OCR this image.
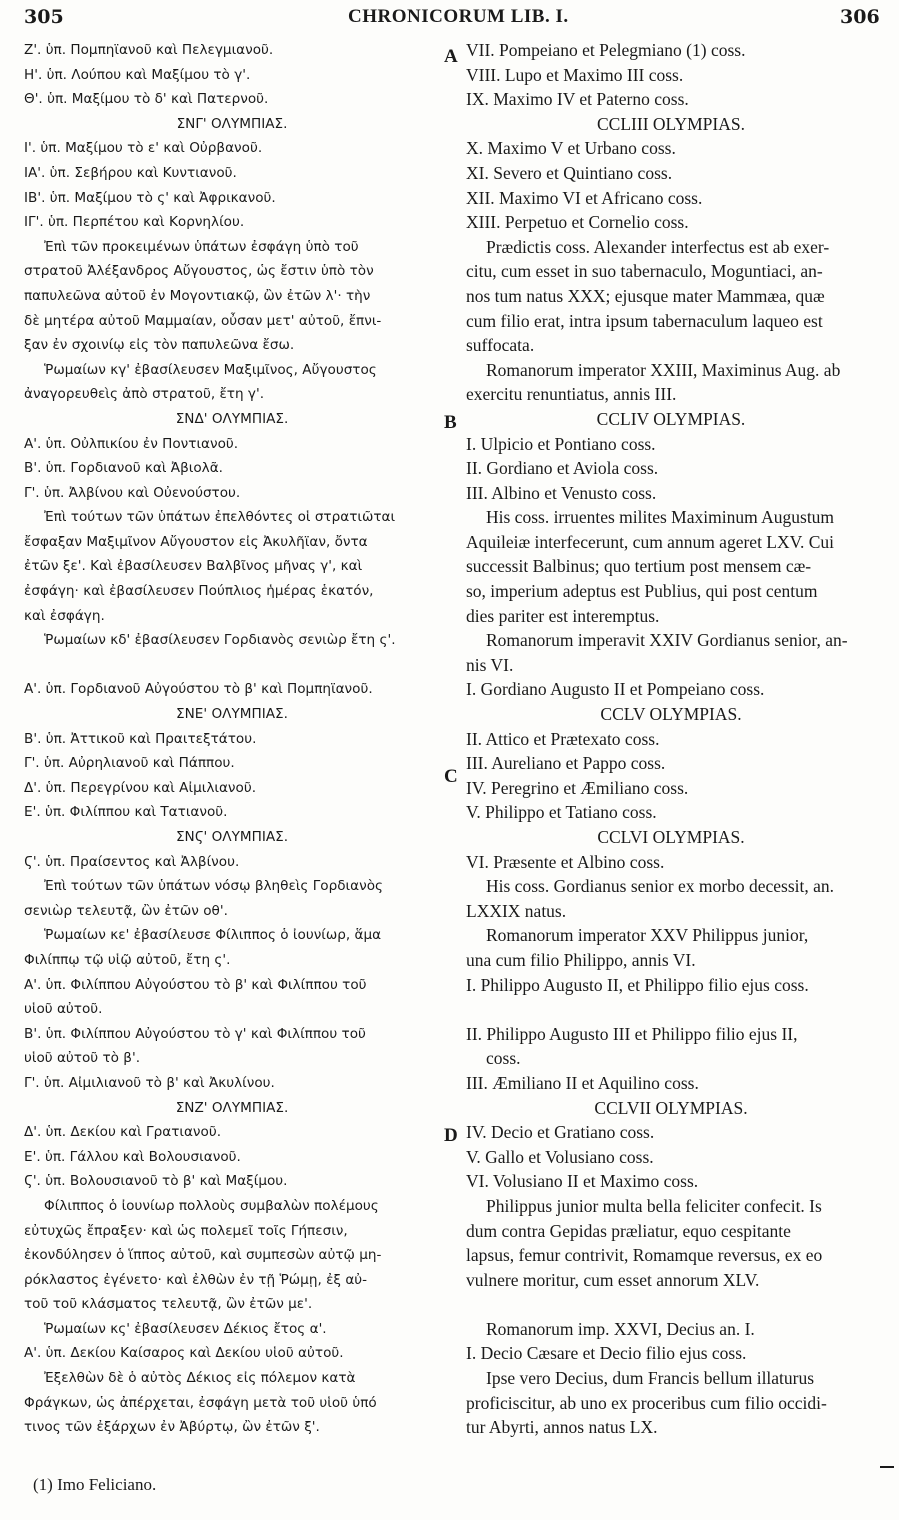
305	CHRONICORUM LIB. I.	306

Ζ'. ὑπ. Πομπηϊανοῦ καὶ Πελεγμιανοῦ.

Η'. ὑπ. Λούπου καὶ Μαξίμου τὸ γ'.

Θ'. ὑπ. Μαξίμου τὸ δ' καὶ Πατερνοῦ.

ΣΝΓ' ΟΛΥΜΠΙΑΣ.

Ι'. ὑπ. Μαξίμου τὸ ε' καὶ Οὐρβανοῦ.

ΙΑ'. ὑπ. Σεβήρου καὶ Κυντιανοῦ.

ΙΒ'. ὑπ. Μαξίμου τὸ ς' καὶ Ἀφρικανοῦ.

ΙΓ'. ὑπ. Περπέτου καὶ Κορνηλίου.

Ἐπὶ τῶν προκειμένων ὑπάτων ἐσφάγη ὑπὸ τοῦ

στρατοῦ Ἀλέξανδρος Αὔγουστος, ὡς ἔστιν ὑπὸ τὸν

παπυλεῶνα αὐτοῦ ἐν Μογοντιακῷ, ὢν ἐτῶν λ'· τὴν

δὲ μητέρα αὐτοῦ Μαμμαίαν, οὖσαν μετ' αὐτοῦ, ἔπνι-

ξαν ἐν σχοινίῳ εἰς τὸν παπυλεῶνα ἔσω.

Ῥωμαίων κγ' ἐβασίλευσεν Μαξιμῖνος, Αὔγουστος

ἀναγορευθεὶς ἀπὸ στρατοῦ, ἔτη γ'.

ΣΝΔ' ΟΛΥΜΠΙΑΣ.

Α'. ὑπ. Οὐλπικίου ἐν Ποντιανοῦ.

Β'. ὑπ. Γορδιανοῦ καὶ Ἀβιολᾶ.

Γ'. ὑπ. Ἀλβίνου καὶ Οὐενούστου.

Ἐπὶ τούτων τῶν ὑπάτων ἐπελθόντες οἱ στρατιῶται

ἔσφαξαν Μαξιμῖνον Αὔγουστον εἰς Ἀκυλῆϊαν, ὄντα

ἐτῶν ξε'. Καὶ ἐβασίλευσεν Βαλβῖνος μῆνας γ', καὶ

ἐσφάγη· καὶ ἐβασίλευσεν Πούπλιος ἡμέρας ἑκατόν,

καὶ ἐσφάγη.

Ῥωμαίων κδ' ἐβασίλευσεν Γορδιανὸς σενιὼρ ἔτη ς'.

Α'. ὑπ. Γορδιανοῦ Αὐγούστου τὸ β' καὶ Πομπηϊανοῦ.

ΣΝΕ' ΟΛΥΜΠΙΑΣ.

Β'. ὑπ. Ἀττικοῦ καὶ Πραιτεξτάτου.

Γ'. ὑπ. Αὐρηλιανοῦ καὶ Πάππου.

Δ'. ὑπ. Περεγρίνου καὶ Αἰμιλιανοῦ.

Ε'. ὑπ. Φιλίππου καὶ Τατιανοῦ.

ΣΝϚ' ΟΛΥΜΠΙΑΣ.

Ϛ'. ὑπ. Πραίσεντος καὶ Ἀλβίνου.

Ἐπὶ τούτων τῶν ὑπάτων νόσῳ βληθεὶς Γορδιανὸς

σενιὼρ τελευτᾷ, ὢν ἐτῶν οθ'.

Ῥωμαίων κε' ἐβασίλευσε Φίλιππος ὁ ἰουνίωρ, ἅμα

Φιλίππῳ τῷ υἱῷ αὐτοῦ, ἔτη ς'.

Α'. ὑπ. Φιλίππου Αὐγούστου τὸ β' καὶ Φιλίππου τοῦ

υἱοῦ αὐτοῦ.

Β'. ὑπ. Φιλίππου Αὐγούστου τὸ γ' καὶ Φιλίππου τοῦ

υἱοῦ αὐτοῦ τὸ β'.

Γ'. ὑπ. Αἰμιλιανοῦ τὸ β' καὶ Ἀκυλίνου.

ΣΝΖ' ΟΛΥΜΠΙΑΣ.

Δ'. ὑπ. Δεκίου καὶ Γρατιανοῦ.

Ε'. ὑπ. Γάλλου καὶ Βολουσιανοῦ.

Ϛ'. ὑπ. Βολουσιανοῦ τὸ β' καὶ Μαξίμου.

Φίλιππος ὁ ἰουνίωρ πολλοὺς συμβαλὼν πολέμους

εὐτυχῶς ἔπραξεν· καὶ ὡς πολεμεῖ τοῖς Γήπεσιν,

ἐκονδύλησεν ὁ ἵππος αὐτοῦ, καὶ συμπεσὼν αὐτῷ μη-

ρόκλαστος ἐγένετο· καὶ ἐλθὼν ἐν τῇ Ῥώμῃ, ἐξ αὐ-

τοῦ τοῦ κλάσματος τελευτᾷ, ὢν ἐτῶν με'.

Ῥωμαίων κς' ἐβασίλευσεν Δέκιος ἔτος α'.

Α'. ὑπ. Δεκίου Καίσαρος καὶ Δεκίου υἱοῦ αὐτοῦ.

Ἐξελθὼν δὲ ὁ αὐτὸς Δέκιος εἰς πόλεμον κατὰ

Φράγκων, ὡς ἀπέρχεται, ἐσφάγη μετὰ τοῦ υἱοῦ ὑπό

τινος τῶν ἐξάρχων ἐν Ἀβύρτῳ, ὢν ἐτῶν ξ'.

A
B
C
D

VII. Pompeiano et Pelegmiano (1) coss.

VIII. Lupo et Maximo III coss.

IX. Maximo IV et Paterno coss.

CCLIII OLYMPIAS.

X. Maximo V et Urbano coss.

XI. Severo et Quintiano coss.

XII. Maximo VI et Africano coss.

XIII. Perpetuo et Cornelio coss.

Prædictis coss. Alexander interfectus est ab exer-

citu, cum esset in suo tabernaculo, Moguntiaci, an-

nos tum natus XXX; ejusque mater Mammæa, quæ

cum filio erat, intra ipsum tabernaculum laqueo est

suffocata.

Romanorum imperator XXIII, Maximinus Aug. ab

exercitu renuntiatus, annis III.

CCLIV OLYMPIAS.

I. Ulpicio et Pontiano coss.

II. Gordiano et Aviola coss.

III. Albino et Venusto coss.

His coss. irruentes milites Maximinum Augustum

Aquileiæ interfecerunt, cum annum ageret LXV. Cui

successit Balbinus; quo tertium post mensem cæ-

so, imperium adeptus est Publius, qui post centum

dies pariter est interemptus.

Romanorum imperavit XXIV Gordianus senior, an-

nis VI.

I. Gordiano Augusto II et Pompeiano coss.

CCLV OLYMPIAS.

II. Attico et Prætexato coss.

III. Aureliano et Pappo coss.

IV. Peregrino et Æmiliano coss.

V. Philippo et Tatiano coss.

CCLVI OLYMPIAS.

VI. Præsente et Albino coss.

His coss. Gordianus senior ex morbo decessit, an.

LXXIX natus.

Romanorum imperator XXV Philippus junior,

una cum filio Philippo, annis VI.

I. Philippo Augusto II, et Philippo filio ejus coss.

II. Philippo Augusto III et Philippo filio ejus II,

coss.

III. Æmiliano II et Aquilino coss.

CCLVII OLYMPIAS.

IV. Decio et Gratiano coss.

V. Gallo et Volusiano coss.

VI. Volusiano II et Maximo coss.

Philippus junior multa bella feliciter confecit. Is

dum contra Gepidas præliatur, equo cespitante

lapsus, femur contrivit, Romamque reversus, ex eo

vulnere moritur, cum esset annorum XLV.

Romanorum imp. XXVI, Decius an. I.

I. Decio Cæsare et Decio filio ejus coss.

Ipse vero Decius, dum Francis bellum illaturus

proficiscitur, ab uno ex proceribus cum filio occidi-

tur Abyrti, annos natus LX.

(1) Imo Feliciano.
